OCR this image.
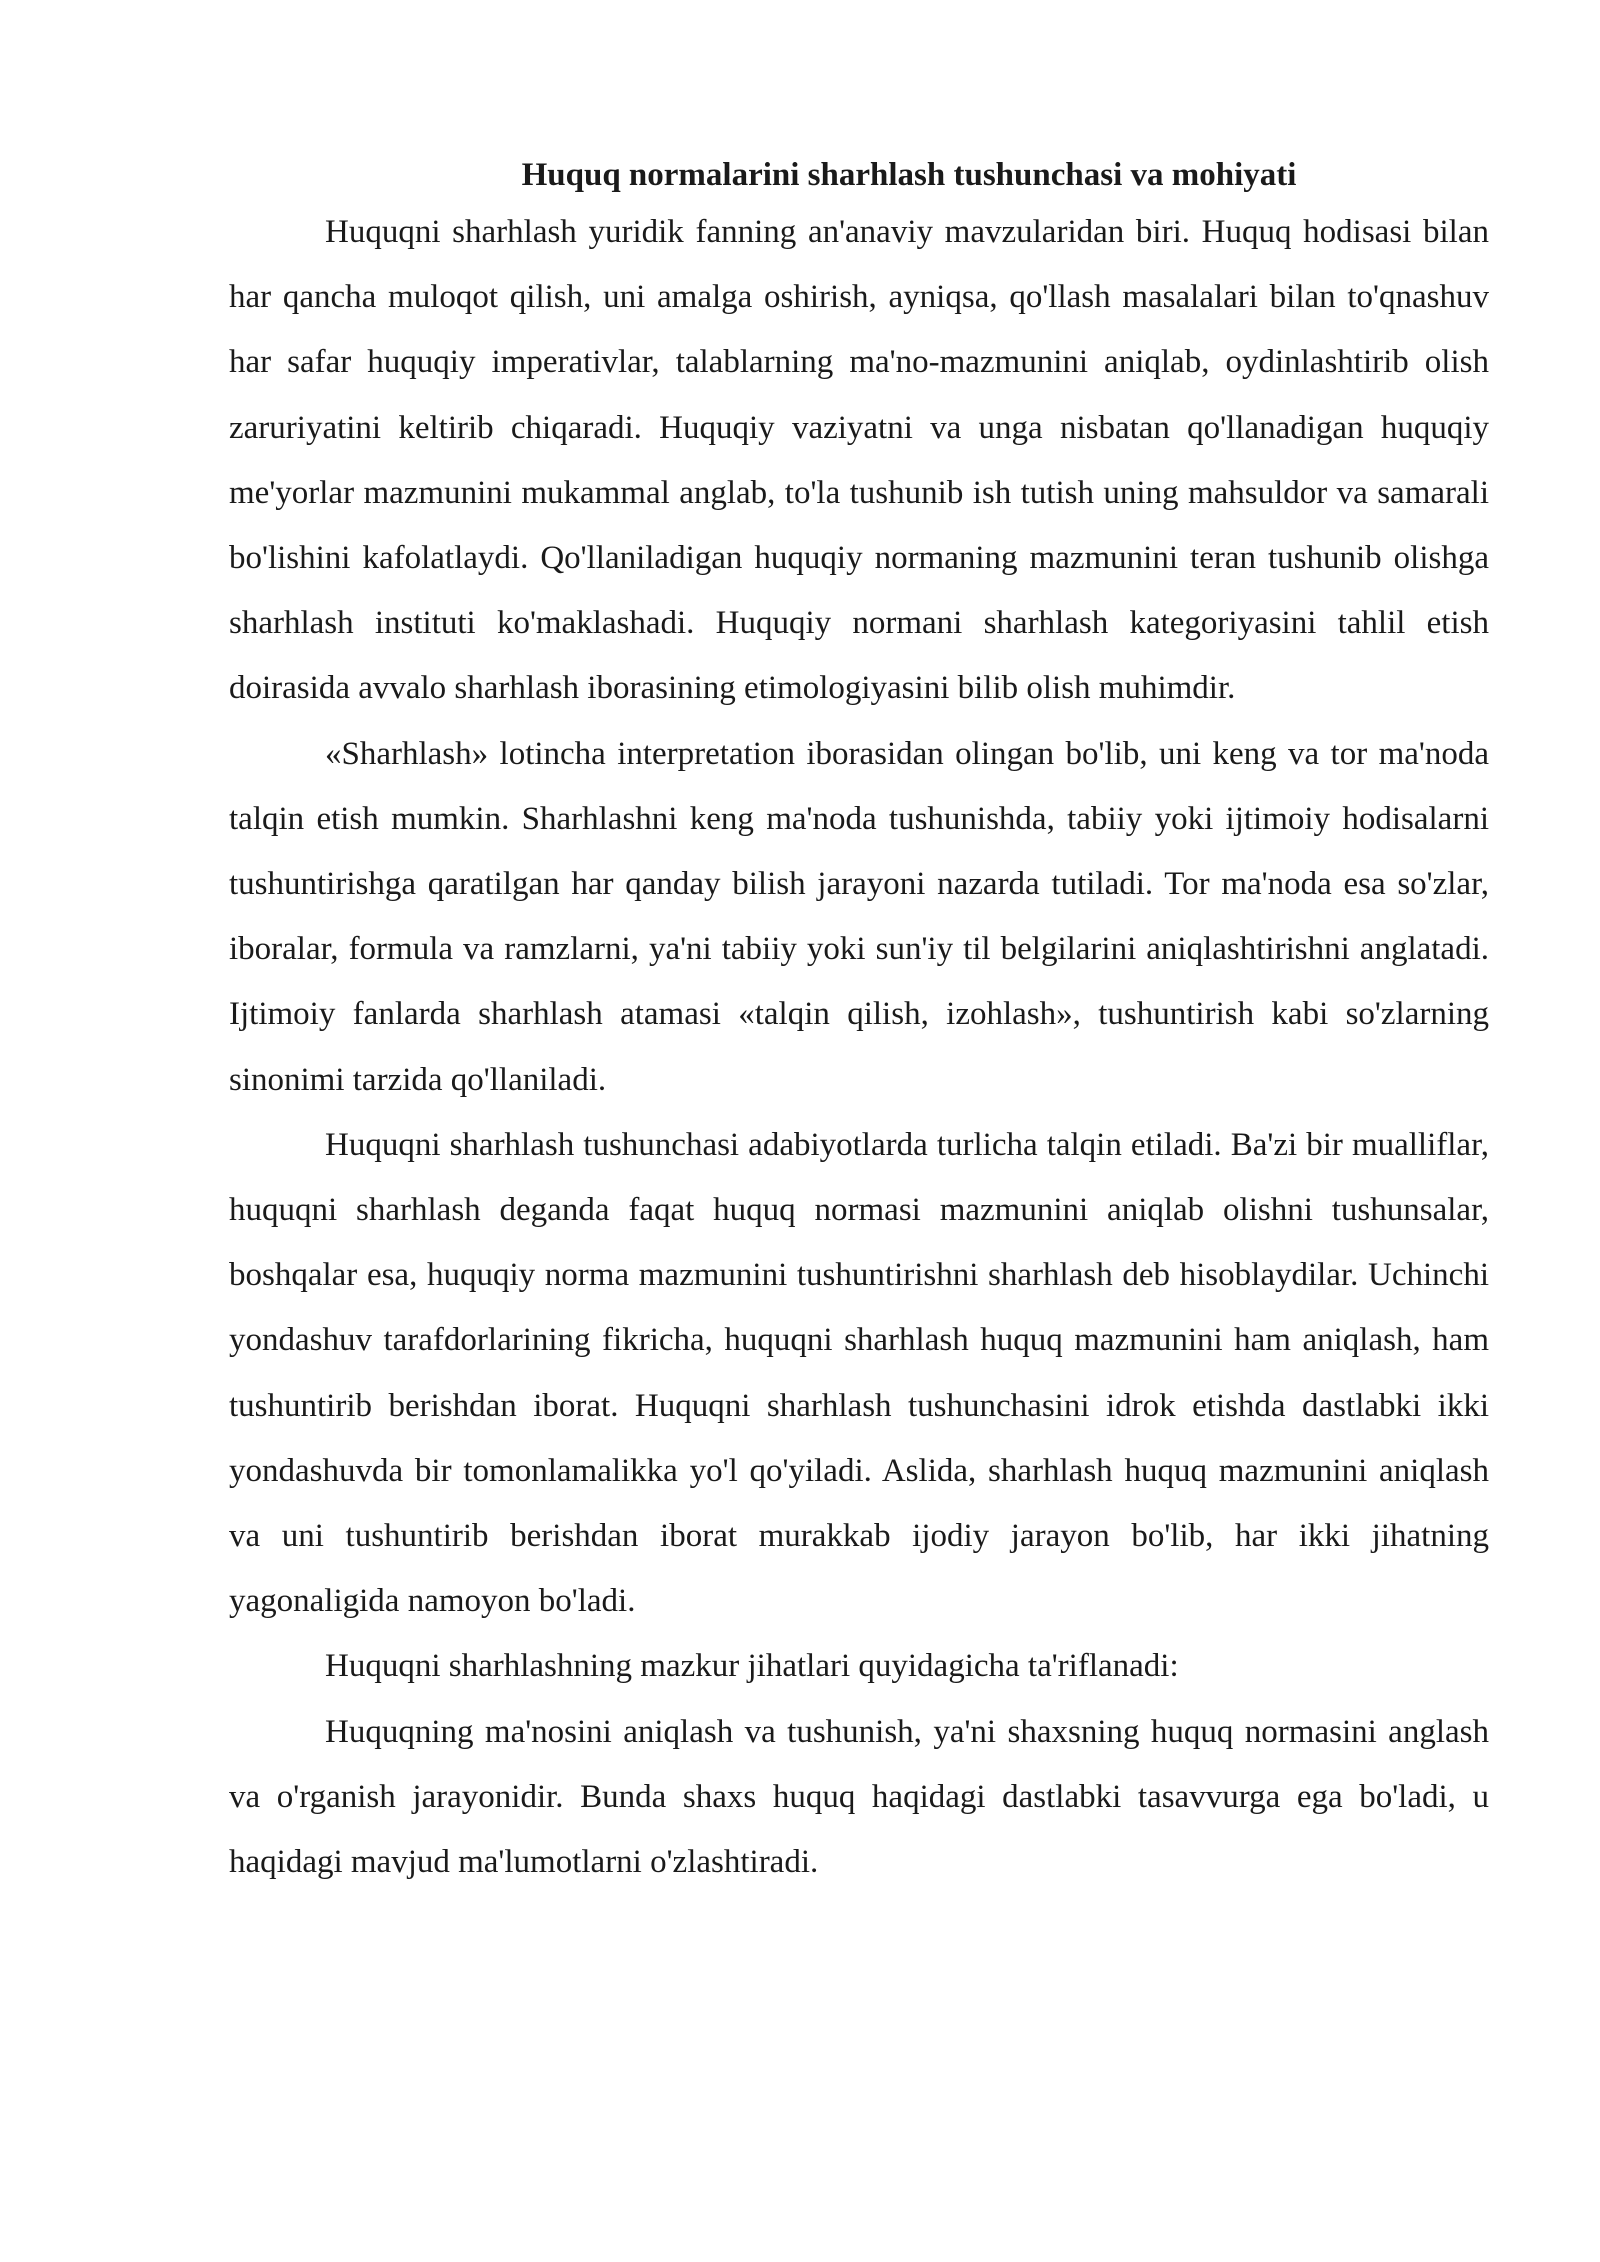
Huquq normalarini sharhlash tushunchasi va mohiyati

Huquqni sharhlash yuridik fanning an'anaviy mavzularidan biri. Huquq hodisasi bilan har qancha muloqot qilish, uni amalga oshirish, ayniqsa, qo'llash masalalari bilan to'qnashuv har safar huquqiy imperativlar, talablarning ma'no-mazmunini aniqlab, oydinlashtirib olish zaruriyatini keltirib chiqaradi. Huquqiy vaziyatni va unga nisbatan qo'llanadigan huquqiy me'yorlar mazmunini mukammal anglab, to'la tushunib ish tutish uning mahsuldor va samarali bo'lishini kafolatlaydi. Qo'llaniladigan huquqiy normaning mazmunini teran tushunib olishga sharhlash instituti ko'maklashadi. Huquqiy normani sharhlash kategoriyasini tahlil etish doirasida avvalo sharhlash iborasining etimologiyasini bilib olish muhimdir.

«Sharhlash» lotincha interpretation iborasidan olingan bo'lib, uni keng va tor ma'noda talqin etish mumkin. Sharhlashni keng ma'noda tushunishda, tabiiy yoki ijtimoiy hodisalarni tushuntirishga qaratilgan har qanday bilish jarayoni nazarda tutiladi. Tor ma'noda esa so'zlar, iboralar, formula va ramzlarni, ya'ni tabiiy yoki sun'iy til belgilarini aniqlashtirishni anglatadi. Ijtimoiy fanlarda sharhlash atamasi «talqin qilish, izohlash», tushuntirish kabi so'zlarning sinonimi tarzida qo'llaniladi.

Huquqni sharhlash tushunchasi adabiyotlarda turlicha talqin etiladi. Ba'zi bir mualliflar, huquqni sharhlash deganda faqat huquq normasi mazmunini aniqlab olishni tushunsalar, boshqalar esa, huquqiy norma mazmunini tushuntirishni sharhlash deb hisoblaydilar. Uchinchi yondashuv tarafdorlarining fikricha, huquqni sharhlash huquq mazmunini ham aniqlash, ham tushuntirib berishdan iborat. Huquqni sharhlash tushunchasini idrok etishda dastlabki ikki yondashuvda bir tomonlamalikka yo'l qo'yiladi. Aslida, sharhlash huquq mazmunini aniqlash va uni tushuntirib berishdan iborat murakkab ijodiy jarayon bo'lib, har ikki jihatning yagonaligida namoyon bo'ladi.

Huquqni sharhlashning mazkur jihatlari quyidagicha ta'riflanadi:

Huquqning ma'nosini aniqlash va tushunish, ya'ni shaxsning huquq normasini anglash va o'rganish jarayonidir. Bunda shaxs huquq haqidagi dastlabki tasavvurga ega bo'ladi, u haqidagi mavjud ma'lumotlarni o'zlashtiradi.
